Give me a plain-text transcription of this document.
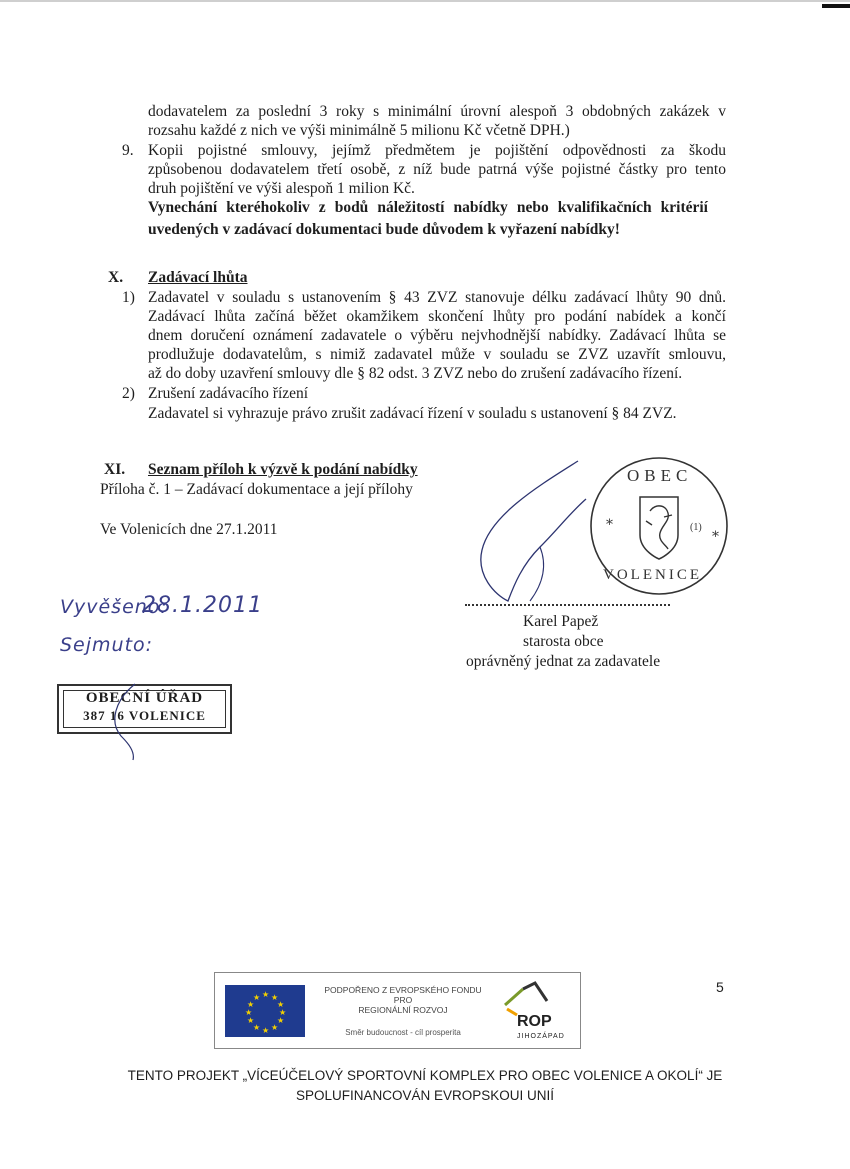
dodavatelem za poslední 3 roky s minimální úrovní alespoň 3 obdobných zakázek v
rozsahu každé z nich ve výši minimálně 5 milionu Kč včetně DPH.)
9. Kopii pojistné smlouvy, jejímž předmětem je pojištění odpovědnosti za škodu
způsobenou dodavatelem třetí osobě, z níž bude patrná výše pojistné částky pro tento
druh pojištění ve výši alespoň 1 milion Kč.
Vynechání kteréhokoliv z bodů náležitostí nabídky nebo kvalifikačních kritérií
uvedených v zadávací dokumentaci bude důvodem k vyřazení nabídky!
X. Zadávací lhůta
1) Zadavatel v souladu s ustanovením § 43 ZVZ stanovuje délku zadávací lhůty 90 dnů.
Zadávací lhůta začíná běžet okamžikem skončení lhůty pro podání nabídek a končí
dnem doručení oznámení zadavatele o výběru nejvhodnější nabídky. Zadávací lhůta se
prodlužuje dodavatelům, s nimiž zadavatel může v souladu se ZVZ uzavřít smlouvu,
až do doby uzavření smlouvy dle § 82 odst. 3 ZVZ nebo do zrušení zadávacího řízení.
2) Zrušení zadávacího řízení
Zadavatel si vyhrazuje právo zrušit zadávací řízení v souladu s ustanovení § 84 ZVZ.
XI. Seznam příloh k výzvě k podání nabídky
Příloha č. 1 – Zadávací dokumentace a její přílohy
Ve Volenicích dne 27.1.2011
Vyvěšeno:
28.1.2011
Sejmuto:
*
*
OBEC
VOLENICE
(1)
Karel Papež
starosta obce
oprávněný jednat za zadavatele
OBECNÍ ÚŘAD
387 16 VOLENICE
★ ★
★
★
★
★
★
★
★
★
★
★
PODPOŘENO Z EVROPSKÉHO FONDU
PRO
REGIONÁLNÍ ROZVOJ
Směr budoucnost - cíl prosperita
ROP
JIHOZÁPAD
5
TENTO PROJEKT „VÍCEÚČELOVÝ SPORTOVNÍ KOMPLEX PRO OBEC VOLENICE A OKOLÍ“ JE
SPOLUFINANCOVÁN EVROPSKOUI UNIÍ
